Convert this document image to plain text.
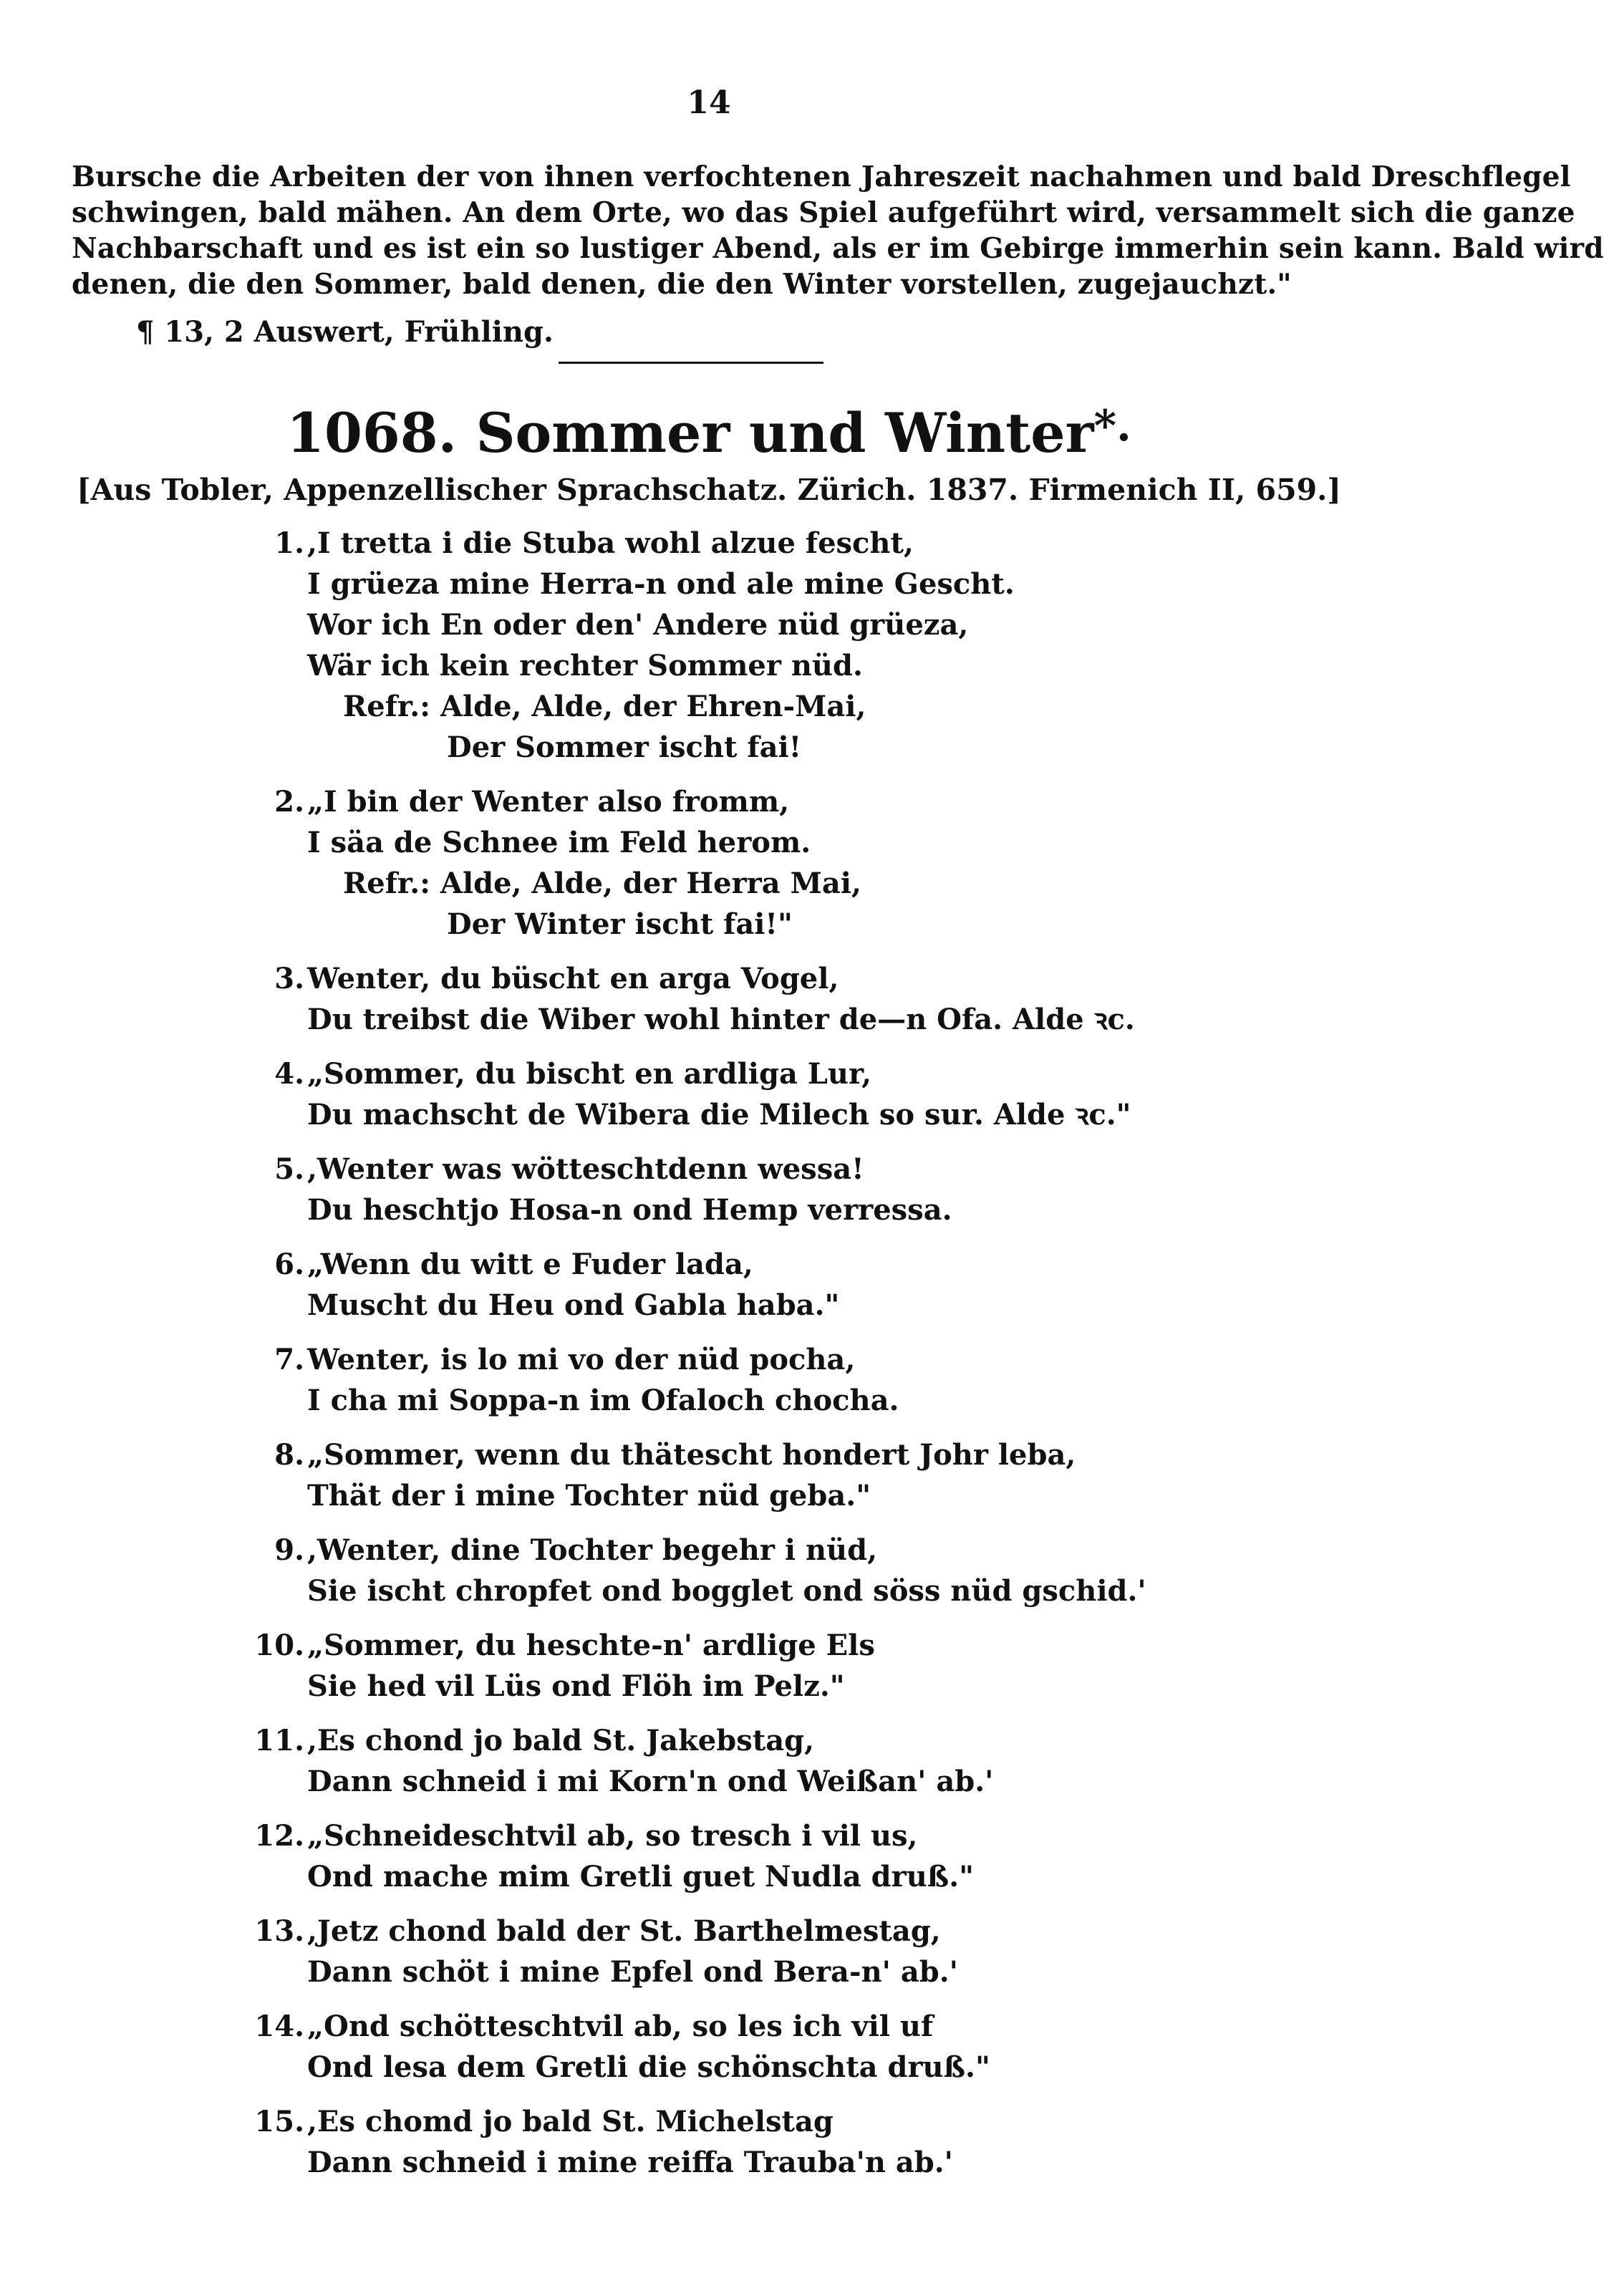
14
Bursche die Arbeiten der von ihnen verfochtenen Jahreszeit nachahmen und bald Dreschflegel
schwingen, bald mähen. An dem Orte, wo das Spiel aufgeführt wird, versammelt sich die ganze
Nachbarschaft und es ist ein so lustiger Abend, als er im Gebirge immerhin sein kann. Bald wird
denen, die den Sommer, bald denen, die den Winter vorstellen, zugejauchzt."
¶ 13, 2 Auswert, Frühling.
1068. Sommer und Winter*.
[Aus Tobler, Appenzellischer Sprachschatz. Zürich. 1837. Firmenich II, 659.]
1. ,I tretta i die Stuba wohl alzue fescht,
I grüeza mine Herra-n ond ale mine Gescht.
Wor ich En oder den' Andere nüd grüeza,
Wär ich kein rechter Sommer nüd.
Refr.: Alde, Alde, der Ehren-Mai,
Der Sommer ischt fai!
2. „I bin der Wenter also fromm,
I säa de Schnee im Feld herom.
Refr.: Alde, Alde, der Herra Mai,
Der Winter ischt fai!"
3. Wenter, du büscht en arga Vogel,
Du treibst die Wiber wohl hinter de—n Ofa. Alde ꝛc.
4. „Sommer, du bischt en ardliga Lur,
Du machscht de Wibera die Milech so sur. Alde ꝛc."
5. ,Wenter was wötteschtdenn wessa!
Du heschtjo Hosa-n ond Hemp verressa.
6. „Wenn du witt e Fuder lada,
Muscht du Heu ond Gabla haba."
7. Wenter, is lo mi vo der nüd pocha,
I cha mi Soppa-n im Ofaloch chocha.
8. „Sommer, wenn du thätescht hondert Johr leba,
Thät der i mine Tochter nüd geba."
9. ,Wenter, dine Tochter begehr i nüd,
Sie ischt chropfet ond bogglet ond söss nüd gschid.'
10. „Sommer, du heschte-n' ardlige Els
Sie hed vil Lüs ond Flöh im Pelz."
11. ,Es chond jo bald St. Jakebstag,
Dann schneid i mi Korn'n ond Weißan' ab.'
12. „Schneideschtvil ab, so tresch i vil us,
Ond mache mim Gretli guet Nudla druß."
13. ,Jetz chond bald der St. Barthelmestag,
Dann schöt i mine Epfel ond Bera-n' ab.'
14. „Ond schötteschtvil ab, so les ich vil uf
Ond lesa dem Gretli die schönschta druß."
15. ,Es chomd jo bald St. Michelstag
Dann schneid i mine reiffa Trauba'n ab.'
